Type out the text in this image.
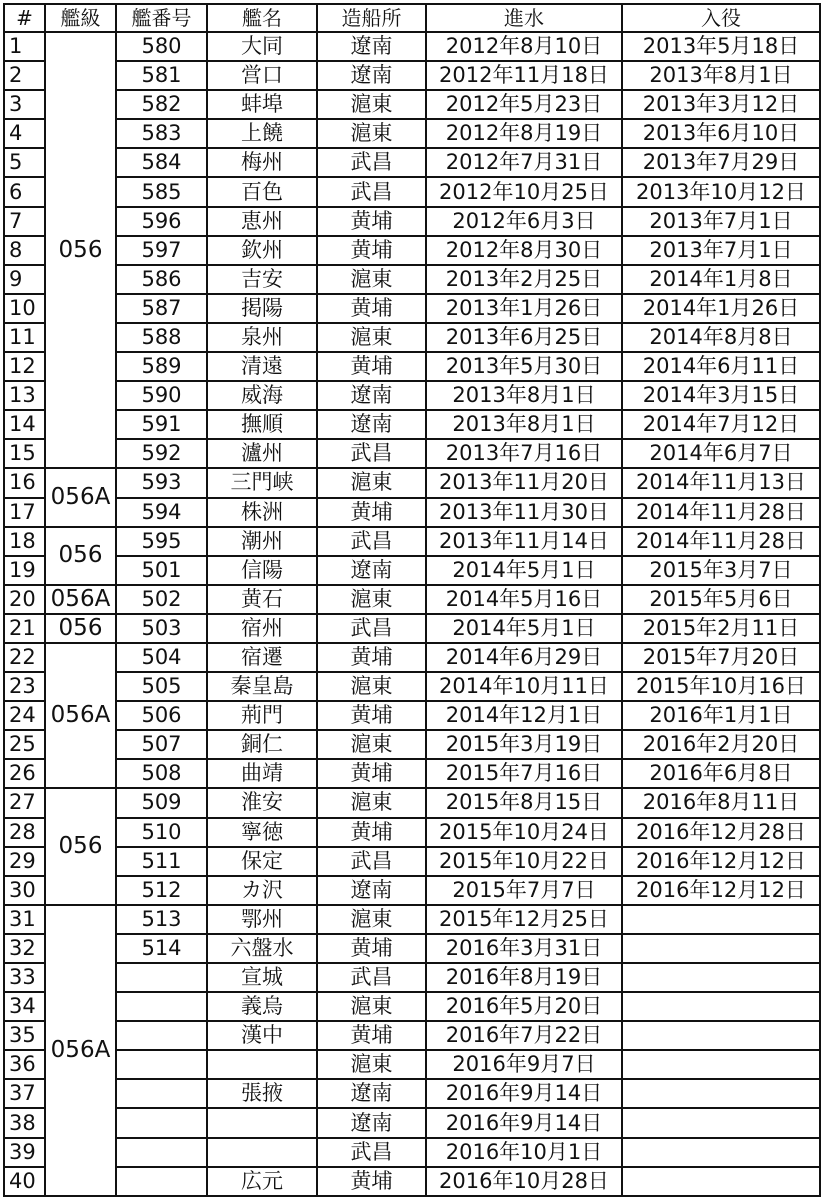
#	艦級	艦番号	艦名	造船所	進水	入役
1	056	580	大同	遼南	2012年8月10日	2013年5月18日
2		581	営口	遼南	2012年11月18日	2013年8月1日
3		582	蚌埠	滬東	2012年5月23日	2013年3月12日
4		583	上饒	滬東	2012年8月19日	2013年6月10日
5		584	梅州	武昌	2012年7月31日	2013年7月29日
6		585	百色	武昌	2012年10月25日	2013年10月12日
7		596	恵州	黄埔	2012年6月3日	2013年7月1日
8		597	欽州	黄埔	2012年8月30日	2013年7月1日
9		586	吉安	滬東	2013年2月25日	2014年1月8日
10		587	掲陽	黄埔	2013年1月26日	2014年1月26日
11		588	泉州	滬東	2013年6月25日	2014年8月8日
12		589	清遠	黄埔	2013年5月30日	2014年6月11日
13		590	威海	遼南	2013年8月1日	2014年3月15日
14		591	撫順	遼南	2013年8月1日	2014年7月12日
15		592	瀘州	武昌	2013年7月16日	2014年6月7日
16	056A	593	三門峡	滬東	2013年11月20日	2014年11月13日
17		594	株洲	黄埔	2013年11月30日	2014年11月28日
18	056	595	潮州	武昌	2013年11月14日	2014年11月28日
19		501	信陽	遼南	2014年5月1日	2015年3月7日
20	056A	502	黄石	滬東	2014年5月16日	2015年5月6日
21	056	503	宿州	武昌	2014年5月1日	2015年2月11日
22	056A	504	宿遷	黄埔	2014年6月29日	2015年7月20日
23		505	秦皇島	滬東	2014年10月11日	2015年10月16日
24		506	荊門	黄埔	2014年12月1日	2016年1月1日
25		507	銅仁	滬東	2015年3月19日	2016年2月20日
26		508	曲靖	黄埔	2015年7月16日	2016年6月8日
27	056	509	淮安	滬東	2015年8月15日	2016年8月11日
28		510	寧徳	黄埔	2015年10月24日	2016年12月28日
29		511	保定	武昌	2015年10月22日	2016年12月12日
30		512	カ沢	遼南	2015年7月7日	2016年12月12日
31	056A	513	鄂州	滬東	2015年12月25日	
32		514	六盤水	黄埔	2016年3月31日	
33			宣城	武昌	2016年8月19日	
34			義烏	滬東	2016年5月20日	
35			漢中	黄埔	2016年7月22日	
36				滬東	2016年9月7日	
37			張掖	遼南	2016年9月14日	
38				遼南	2016年9月14日	
39				武昌	2016年10月1日	
40			広元	黄埔	2016年10月28日	
